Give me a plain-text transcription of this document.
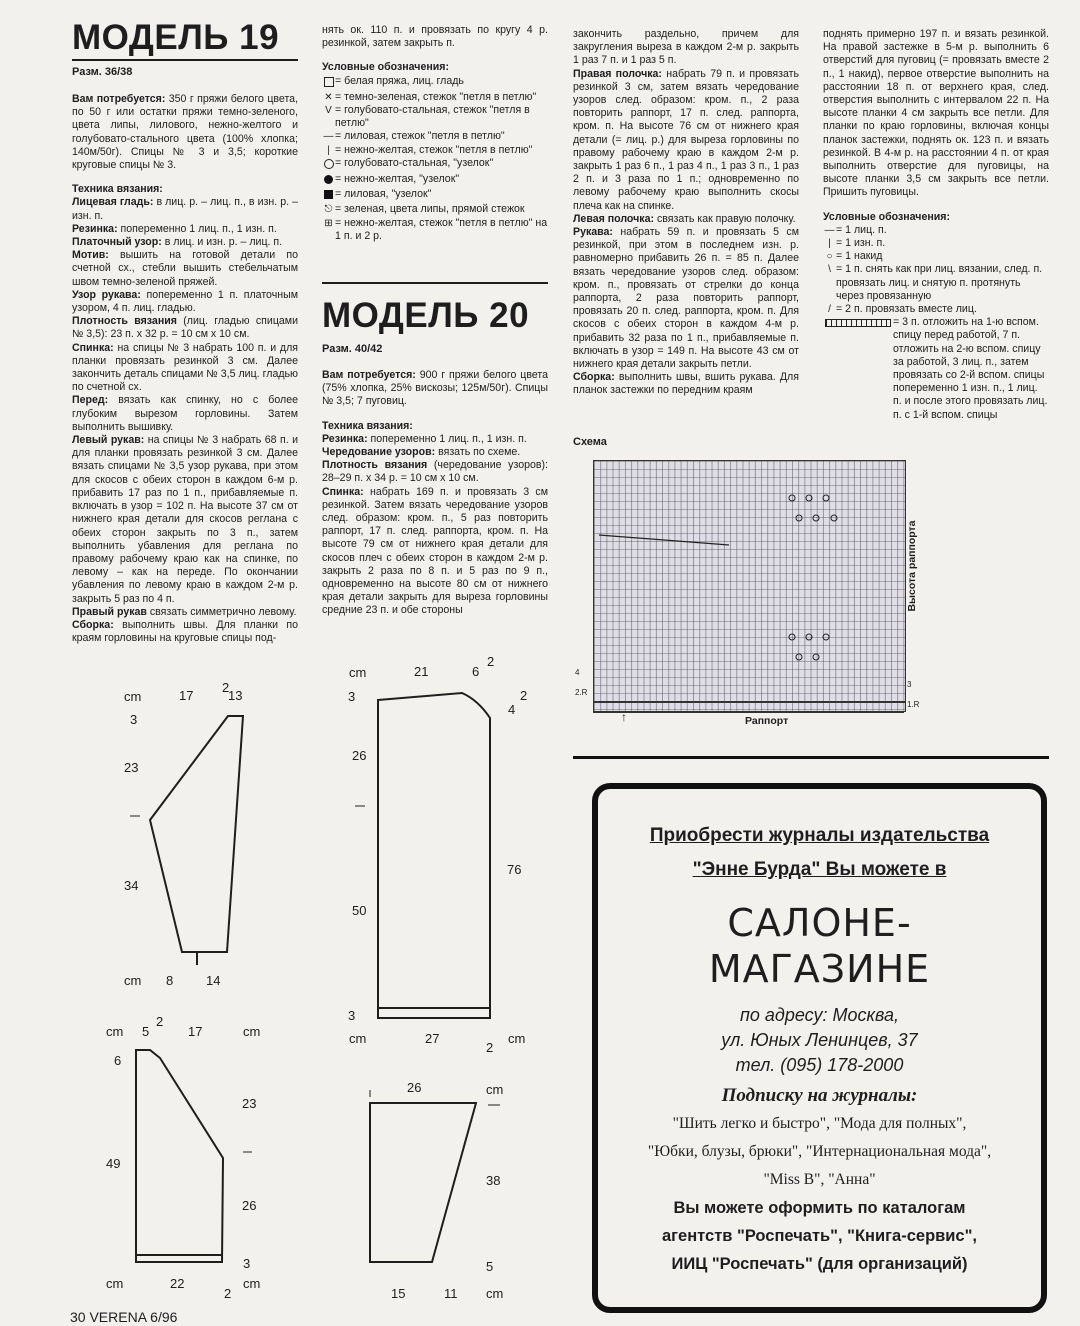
МОДЕЛЬ 19
Разм. 36/38

Вам потребуется: 350 г пряжи белого цвета, по 50 г или остатки пряжи темно-зеленого, цвета липы, лилового, нежно-желтого и голубовато-стального цвета (100% хлопка; 140м/50г). Спицы № 3 и 3,5; короткие круговые спицы № 3.

Техника вязания:

Лицевая гладь: в лиц. р. – лиц. п., в изн. р. – изн. п.

Резинка: попеременно 1 лиц. п., 1 изн. п.

Платочный узор: в лиц. и изн. р. – лиц. п.

Мотив: вышить на готовой детали по счетной сх., стебли вышить стебельчатым швом темно-зеленой пряжей.

Узор рукава: попеременно 1 п. платочным узором, 4 п. лиц. гладью.

Плотность вязания (лиц. гладью спицами № 3,5): 23 п. х 32 р. = 10 см х 10 см.

Спинка: на спицы № 3 набрать 100 п. и для планки провязать резинкой 3 см. Далее закончить деталь спицами № 3,5 лиц. гладью по счетной сх.

Перед: вязать как спинку, но с более глубоким вырезом горловины. Затем выполнить вышивку.

Левый рукав: на спицы № 3 набрать 68 п. и для планки провязать резинкой 3 см. Далее вязать спицами № 3,5 узор рукава, при этом для скосов с обеих сторон в каждом 6-м р. прибавить 17 раз по 1 п., прибавляемые п. включать в узор = 102 п. На высоте 37 см от нижнего края детали для скосов реглана с обеих сторон закрыть по 3 п., затем выполнить убавления для реглана по правому рабочему краю как на спинке, по левому – как на переде. По окончании убавления по левому краю в каждом 2-м р. закрыть 5 раз по 4 п.

Правый рукав связать симметрично левому.

Сборка: выполнить швы. Для планки по краям горловины на круговые спицы под-

нять ок. 110 п. и провязать по кругу 4 р. резинкой, затем закрыть п.

Условные обозначения:

= белая пряжа, лиц. гладь
✕ = темно-зеленая, стежок "петля в петлю"
V = голубовато-стальная, стежок "петля в петлю"
— = лиловая, стежок "петля в петлю"
| = нежно-желтая, стежок "петля в петлю"
= голубовато-стальная, "узелок"
= нежно-желтая, "узелок"
= лиловая, "узелок"
⎋ = зеленая, цвета липы, прямой стежок
⊞ = нежно-желтая, стежок "петля в петлю" на 1 п. и 2 р.
МОДЕЛЬ 20
Разм. 40/42

Вам потребуется: 900 г пряжи белого цвета (75% хлопка, 25% вискозы; 125м/50г). Спицы № 3,5; 7 пуговиц.

Техника вязания:

Резинка: попеременно 1 лиц. п., 1 изн. п.

Чередование узоров: вязать по схеме.

Плотность вязания (чередование узоров): 28–29 п. х 34 р. = 10 см х 10 см.

Спинка: набрать 169 п. и провязать 3 см резинкой. Затем вязать чередование узоров след. образом: кром. п., 5 раз повторить раппорт, 17 п. след. раппорта, кром. п. На высоте 79 см от нижнего края детали для скосов плеч с обеих сторон в каждом 2-м р. закрыть 2 раза по 8 п. и 5 раз по 9 п., одновременно на высоте 80 см от нижнего края детали закрыть для выреза горловины средние 23 п. и обе стороны

закончить раздельно, причем для закругления выреза в каждом 2-м р. закрыть 1 раз 7 п. и 1 раз 5 п.

Правая полочка: набрать 79 п. и провязать резинкой 3 см, затем вязать чередование узоров след. образом: кром. п., 2 раза повторить раппорт, 17 п. след. раппорта, кром. п. На высоте 76 см от нижнего края детали (= лиц. р.) для выреза горловины по правому рабочему краю в каждом 2-м р. закрыть 1 раз 6 п., 1 раз 4 п., 1 раз 3 п., 1 раз 2 п. и 3 раза по 1 п.; одновременно по левому рабочему краю выполнить скосы плеча как на спинке.

Левая полочка: связать как правую полочку.

Рукава: набрать 59 п. и провязать 5 см резинкой, при этом в последнем изн. р. равномерно прибавить 26 п. = 85 п. Далее вязать чередование узоров след. образом: кром. п., провязать от стрелки до конца раппорта, 2 раза повторить раппорт, провязать 20 п. след. раппорта, кром. п. Для скосов с обеих сторон в каждом 4-м р. прибавить 32 раза по 1 п., прибавляемые п. включать в узор = 149 п. На высоте 43 см от нижнего края детали закрыть петли.

Сборка: выполнить швы, вшить рукава. Для планок застежки по передним краям

Схема
Раппорт
↑
Высота раппорта
4
2.R
3
1.R

поднять примерно 197 п. и вязать резинкой. На правой застежке в 5-м р. выполнить 6 отверстий для пуговиц (= провязать вместе 2 п., 1 накид), первое отверстие выполнить на расстоянии 18 п. от верхнего края, след. отверстия выполнить с интервалом 22 п. На высоте планки 4 см закрыть все петли. Для планки по краю горловины, включая концы планок застежки, поднять ок. 123 п. и вязать резинкой. В 4-м р. на расстоянии 4 п. от края выполнить отверстие для пуговицы, на высоте планки 3,5 см закрыть все петли. Пришить пуговицы.

Условные обозначения:

— = 1 лиц. п.
| = 1 изн. п.
○ = 1 накид
\ = 1 п. снять как при лиц. вязании, след. п. провязать лиц. и снятую п. протянуть через провязанную
/ = 2 п. провязать вместе лиц.
= 3 п. отложить на 1-ю вспом. спицу перед работой, 7 п. отложить на 2-ю вспом. спицу за работой, 3 лиц. п., затем провязать со 2-й вспом. спицы попеременно 1 изн. п., 1 лиц. п. и после этого провязать лиц. п. с 1-й вспом. спицы
Приобрести журналы издательства
"Энне Бурда" Вы можете в
САЛОНЕ-
МАГАЗИНЕ
по адресу: Москва,
ул. Юных Ленинцев, 37
тел. (095) 178-2000
Подписку на журналы:
"Шить легко и быстро", "Мода для полных",
"Юбки, блузы, брюки", "Интернациональная мода",
"Miss B", "Анна"
Вы можете оформить по каталогам
агентств "Роспечать", "Книга-сервис",
ИИЦ "Роспечать" (для организаций)
cm	17
2
13
3
23
34
cm 8	14
cm 5
2
17	cm
6
23
49
26
3
cm	22
2
cm
cm	21	6
2
3	2
4
26
76
50
3
cm	27
2
cm
26	cm
38
5
15	11 cm
30 VERENA 6/96
